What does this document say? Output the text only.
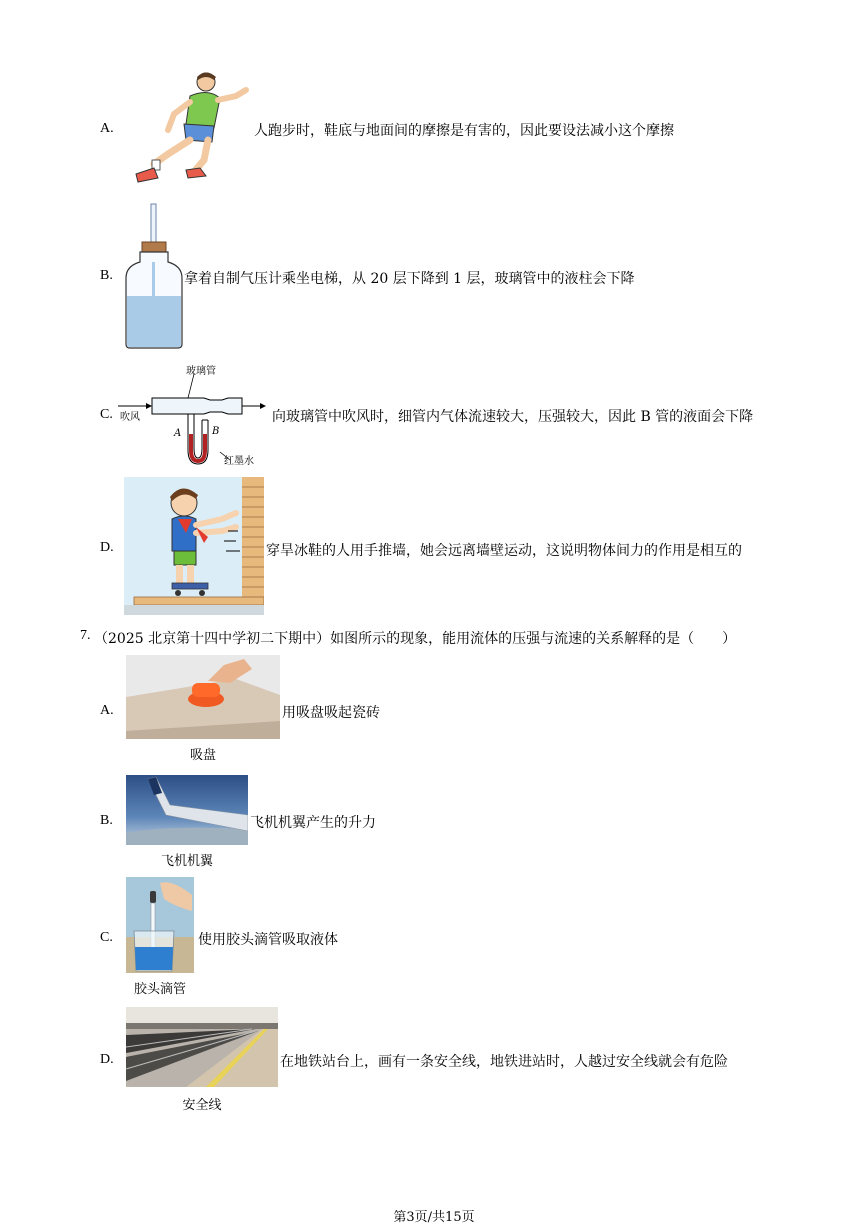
A.	人跑步时，鞋底与地面间的摩擦是有害的，因此要设法减小这个摩擦
B.	拿着自制气压计乘坐电梯，从 20 层下降到 1 层，玻璃管中的液柱会下降
C.
玻璃管
吹风
A	B
红墨水
向玻璃管中吹风时，细管内气体流速较大，压强较大，因此 B 管的液面会下降
D.	穿旱冰鞋的人用手推墙，她会远离墙壁运动，这说明物体间力的作用是相互的
7. （2025 北京第十四中学初二下期中）如图所示的现象，能用流体的压强与流速的关系解释的是（　　）
A.	用吸盘吸起瓷砖
吸盘
B.	飞机机翼产生的升力
飞机机翼
C.	使用胶头滴管吸取液体
胶头滴管
D.	在地铁站台上，画有一条安全线，地铁进站时，人越过安全线就会有危险
安全线
第3页/共15页
